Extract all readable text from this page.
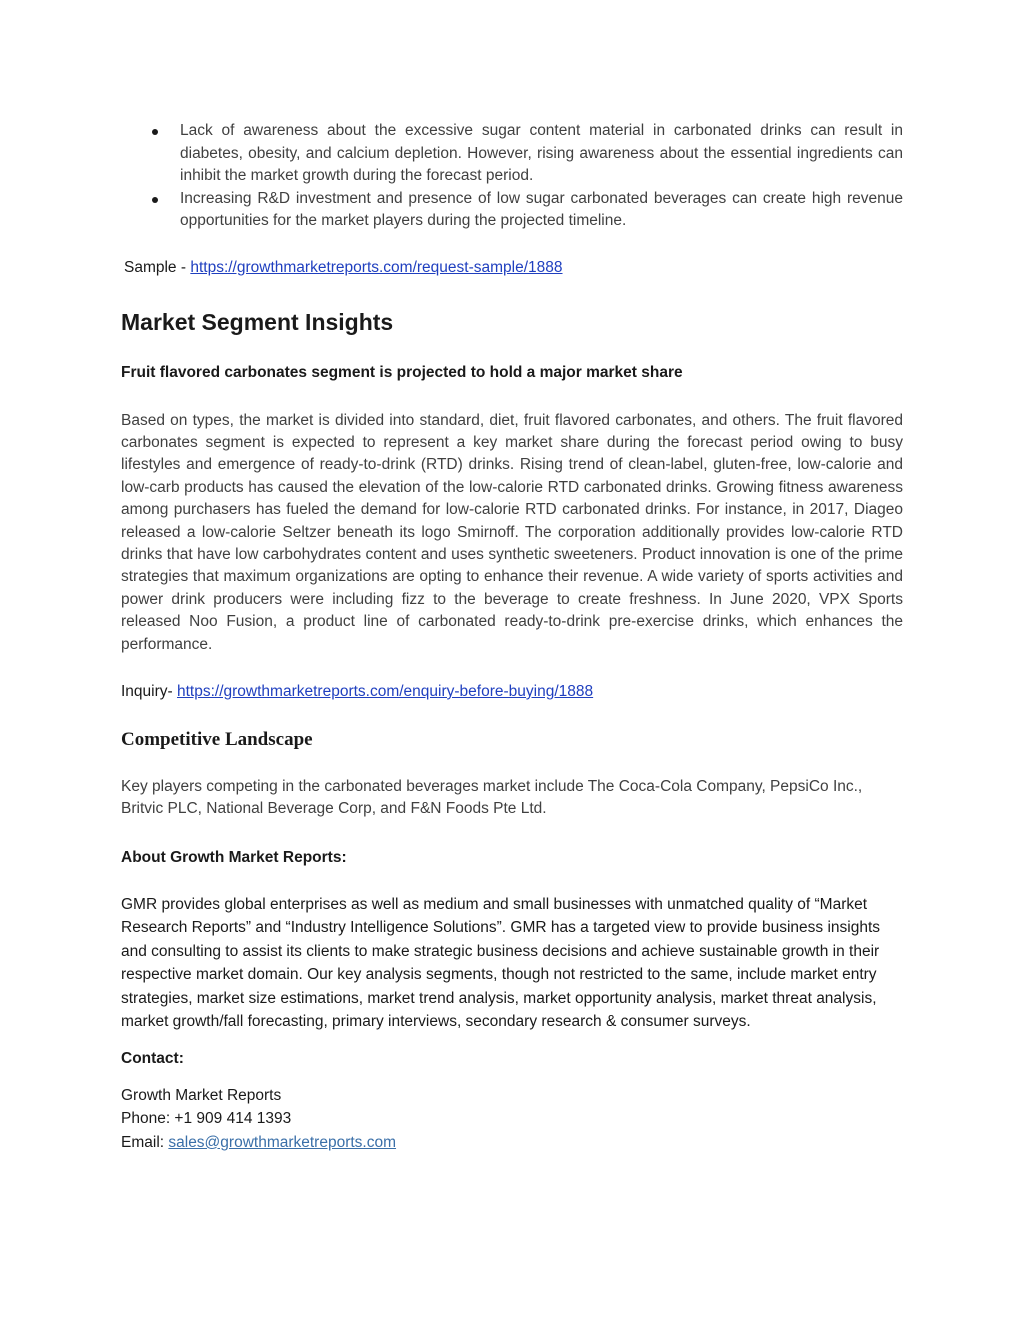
Lack of awareness about the excessive sugar content material in carbonated drinks can result in diabetes, obesity, and calcium depletion. However, rising awareness about the essential ingredients can inhibit the market growth during the forecast period.
Increasing R&D investment and presence of low sugar carbonated beverages can create high revenue opportunities for the market players during the projected timeline.
Sample - https://growthmarketreports.com/request-sample/1888
Market Segment Insights

Fruit flavored carbonates segment is projected to hold a major market share

Based on types, the market is divided into standard, diet, fruit flavored carbonates, and others. The fruit flavored carbonates segment is expected to represent a key market share during the forecast period owing to busy lifestyles and emergence of ready-to-drink (RTD) drinks. Rising trend of clean-label, gluten-free, low-calorie and low-carb products has caused the elevation of the low-calorie RTD carbonated drinks. Growing fitness awareness among purchasers has fueled the demand for low-calorie RTD carbonated drinks. For instance, in 2017, Diageo released a low-calorie Seltzer beneath its logo Smirnoff. The corporation additionally provides low-calorie RTD drinks that have low carbohydrates content and uses synthetic sweeteners. Product innovation is one of the prime strategies that maximum organizations are opting to enhance their revenue. A wide variety of sports activities and power drink producers were including fizz to the beverage to create freshness. In June 2020, VPX Sports released Noo Fusion, a product line of carbonated ready-to-drink pre-exercise drinks, which enhances the performance.

Inquiry- https://growthmarketreports.com/enquiry-before-buying/1888
Competitive Landscape

Key players competing in the carbonated beverages market include The Coca-Cola Company, PepsiCo Inc., Britvic PLC, National Beverage Corp, and F&N Foods Pte Ltd.

About Growth Market Reports:

GMR provides global enterprises as well as medium and small businesses with unmatched quality of “Market Research Reports” and “Industry Intelligence Solutions”. GMR has a targeted view to provide business insights and consulting to assist its clients to make strategic business decisions and achieve sustainable growth in their respective market domain. Our key analysis segments, though not restricted to the same, include market entry strategies, market size estimations, market trend analysis, market opportunity analysis, market threat analysis, market growth/fall forecasting, primary interviews, secondary research & consumer surveys.

Contact:

Growth Market Reports
Phone: +1 909 414 1393
Email: sales@growthmarketreports.com
